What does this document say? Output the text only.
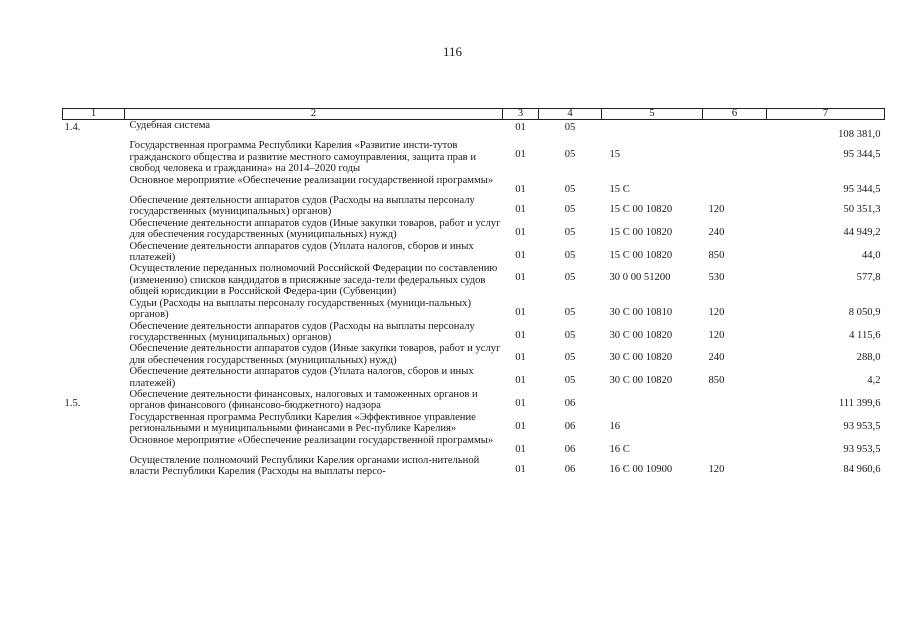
116
1	2	3	4	5	6	7
1.4.	Судебная система	01	05			108 381,0

	Государственная программа Республики Карелия «Развитие инсти-тутов гражданского общества и развитие местного самоуправления, защита прав и свобод человека и гражданина» на 2014–2020 годы	01	05	15		95 344,5

	Основное мероприятие «Обеспечение реализации государственной программы»	01	05	15 С		95 344,5

	Обеспечение деятельности аппаратов судов (Расходы на выплаты персоналу государственных (муниципальных) органов)	01	05	15 С 00 10820	120	50 351,3

	Обеспечение деятельности аппаратов судов (Иные закупки товаров, работ и услуг для обеспечения государственных (муниципальных) нужд)	01	05	15 С 00 10820	240	44 949,2

	Обеспечение деятельности аппаратов судов (Уплата налогов, сборов и иных платежей)	01	05	15 С 00 10820	850	44,0

	Осуществление переданных полномочий Российской Федерации по составлению (изменению) списков кандидатов в присяжные заседа-тели федеральных судов общей юрисдикции в Российской Федера-ции (Субвенции)	01	05	30 0 00 51200	530	577,8

	Судьи (Расходы на выплаты персоналу государственных (муници-пальных) органов)	01	05	30 С 00 10810	120	8 050,9

	Обеспечение деятельности аппаратов судов (Расходы на выплаты персоналу государственных (муниципальных) органов)	01	05	30 С 00 10820	120	4 115,6

	Обеспечение деятельности аппаратов судов (Иные закупки товаров, работ и услуг для обеспечения государственных (муниципальных) нужд)	01	05	30 С 00 10820	240	288,0

	Обеспечение деятельности аппаратов судов (Уплата налогов, сборов и иных платежей)	01	05	30 С 00 10820	850	4,2

1.5.	Обеспечение деятельности финансовых, налоговых и таможенных органов и органов финансового (финансово-бюджетного) надзора	01	06			111 399,6

	Государственная программа Республики Карелия «Эффективное управление региональными и муниципальными финансами в Рес-публике Карелия»	01	06	16		93 953,5

	Основное мероприятие «Обеспечение реализации государственной программы»	01	06	16 С		93 953,5

	Осуществление полномочий Республики Карелия органами испол-нительной власти Республики Карелия (Расходы на выплаты персо-	01	06	16 С 00 10900	120	84 960,6
